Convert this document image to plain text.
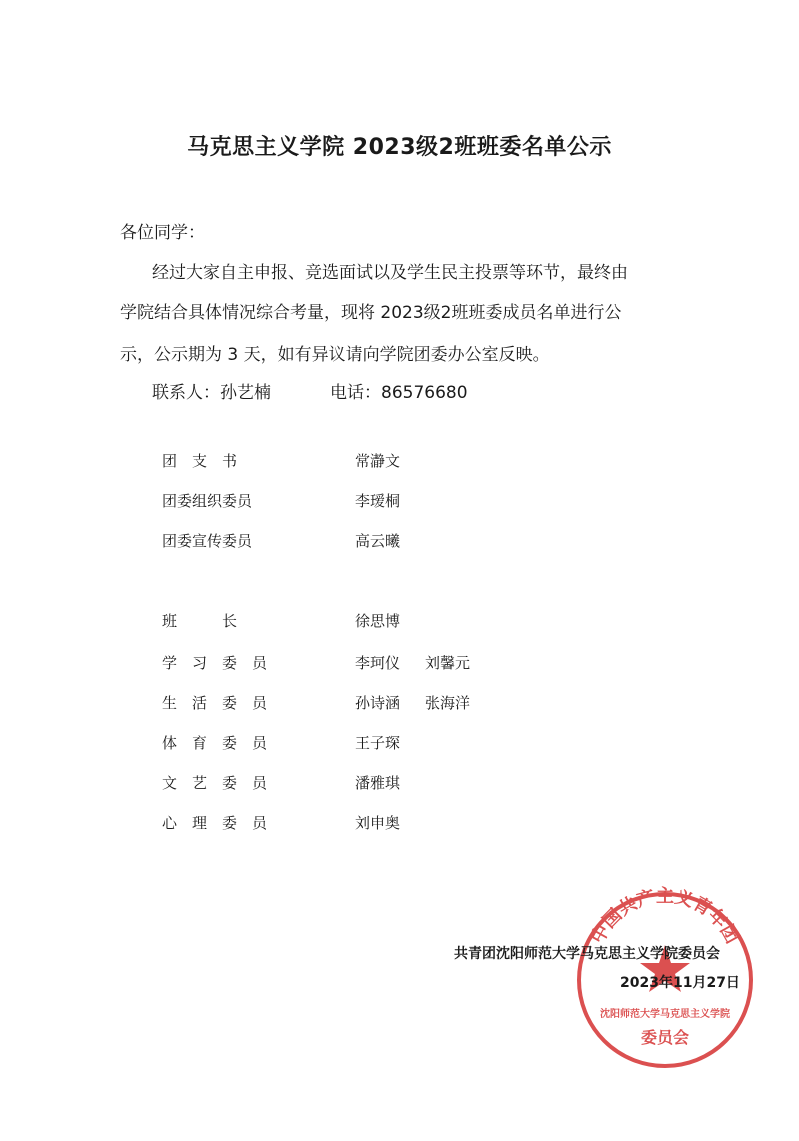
马克思主义学院 2023级2班班委名单公示
各位同学：
经过大家自主申报、竞选面试以及学生民主投票等环节，最终由
学院结合具体情况综合考量，现将 2023级2班班委成员名单进行公
示，公示期为 3 天，如有异议请向学院团委办公室反映。
联系人：孙艺楠	电话：86576680
团　支　书	常瀞文
团委组织委员	李瑷桐
团委宣传委员	高云曦
班　　　长	徐思博
学　习　委　员	李珂仪 刘馨元
生　活　委　员	孙诗涵 张海洋
体　育　委　员	王子琛
文　艺　委　员	潘雅琪
心　理　委　员	刘申奥
中国共产主义青年团
沈阳师范大学马克思主义学院
委员会
共青团沈阳师范大学马克思主义学院委员会
2023年11月27日
